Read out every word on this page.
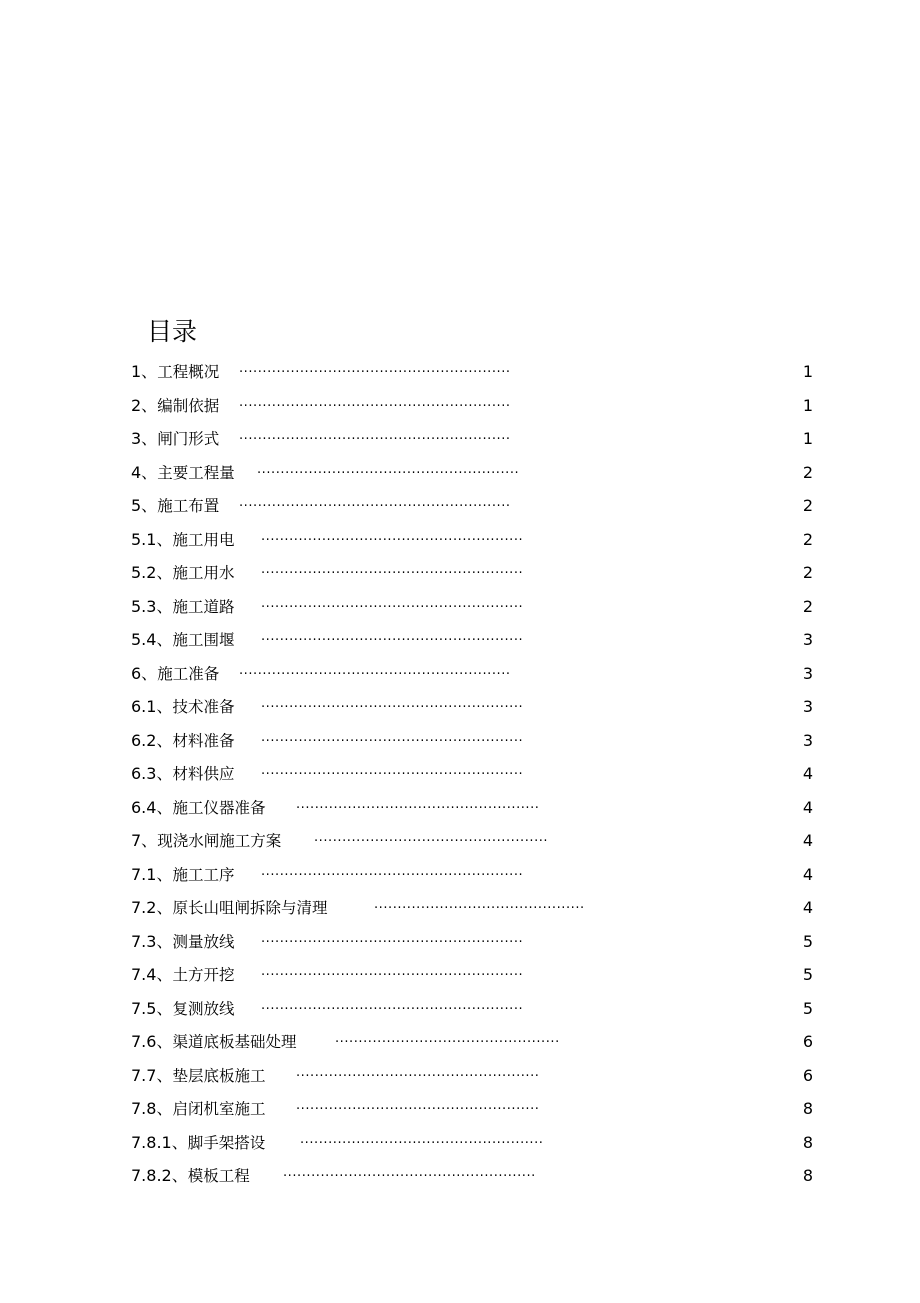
目录
1、工程概况 ..........................................................	1
2、编制依据 ..........................................................	1
3、闸门形式 ..........................................................	1
4、主要工程量 ........................................................	2
5、施工布置 ..........................................................	2
5.1、施工用电 ........................................................	2
5.2、施工用水 ........................................................	2
5.3、施工道路 ........................................................	2
5.4、施工围堰 ........................................................	3
6、施工准备 ..........................................................	3
6.1、技术准备 ........................................................	3
6.2、材料准备 ........................................................	3
6.3、材料供应 ........................................................	4
6.4、施工仪器准备 ....................................................	4
7、现浇水闸施工方案	..................................................	4
7.1、施工工序 ........................................................	4
7.2、原长山咀闸拆除与清理	.............................................	4
7.3、测量放线 ........................................................	5
7.4、土方开挖 ........................................................	5
7.5、复测放线 ........................................................	5
7.6、渠道底板基础处理	................................................	6
7.7、垫层底板施工 ....................................................	6
7.8、启闭机室施工 ....................................................	8
7.8.1、脚手架搭设	....................................................	8
7.8.2、模板工程	......................................................	8
